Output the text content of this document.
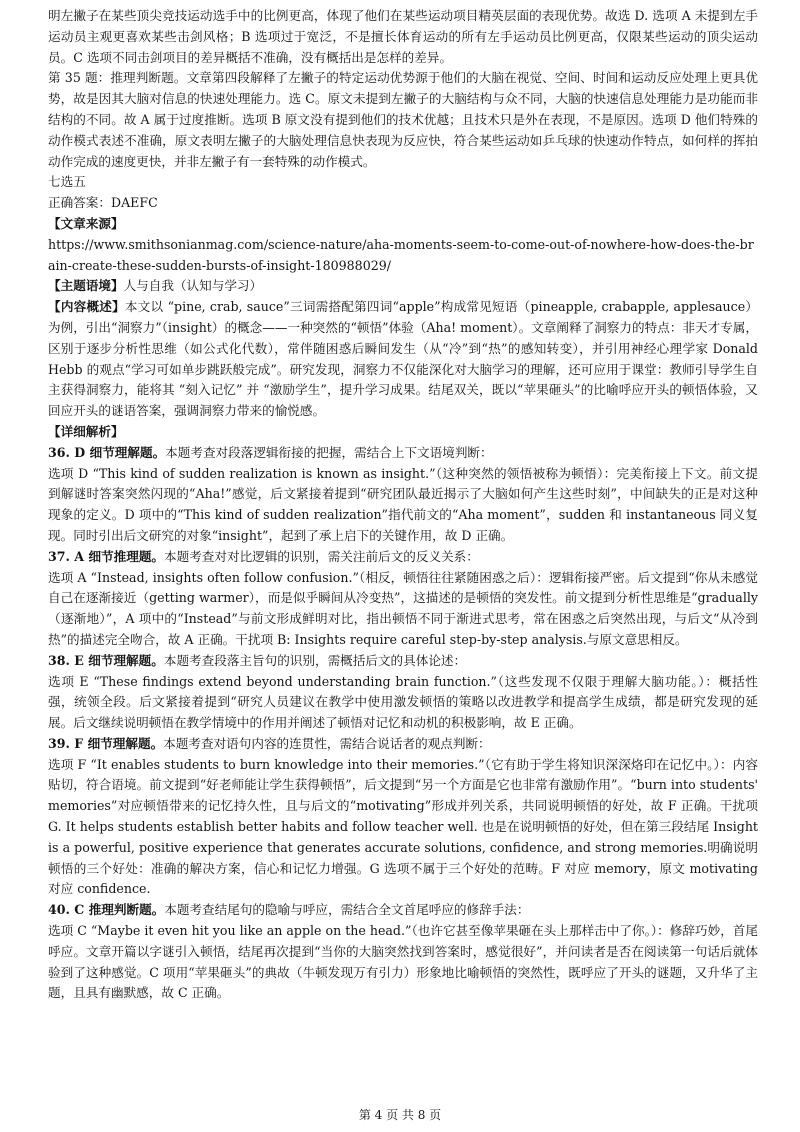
明左撇子在某些顶尖竞技运动选手中的比例更高，体现了他们在某些运动项目精英层面的表现优势。故选 D. 选项 A 未提到左手运动员主观更喜欢某些击剑风格；B 选项过于宽泛，不是擅长体育运动的所有左手运动员比例更高，仅限某些运动的顶尖运动员。C 选项不同击剑项目的差异概括不准确，没有概括出是怎样的差异。

第 35 题：推理判断题。文章第四段解释了左撇子的特定运动优势源于他们的大脑在视觉、空间、时间和运动反应处理上更具优势，故是因其大脑对信息的快速处理能力。选 C。原文未提到左撇子的大脑结构与众不同，大脑的快速信息处理能力是功能而非结构的不同。故 A 属于过度推断。选项 B 原文没有提到他们的技术优越；且技术只是外在表现，不是原因。选项 D 他们特殊的动作模式表述不准确，原文表明左撇子的大脑处理信息快表现为反应快，符合某些运动如乒乓球的快速动作特点，如何样的挥拍动作完成的速度更快，并非左撇子有一套特殊的动作模式。

七选五

正确答案：DAEFC

【文章来源】

https://www.smithsonianmag.com/science-nature/aha-moments-seem-to-come-out-of-nowhere-how-does-the-brain-create-these-sudden-bursts-of-insight-180988029/

【主题语境】人与自我（认知与学习）

【内容概述】本文以 “pine, crab, sauce”三词需搭配第四词“apple”构成常见短语（pineapple, crabapple, applesauce）为例，引出“洞察力”（insight）的概念——一种突然的“顿悟”体验（Aha! moment）。文章阐释了洞察力的特点：非天才专属，区别于逐步分析性思维（如公式化代数），常伴随困惑后瞬间发生（从“冷”到“热”的感知转变），并引用神经心理学家 Donald Hebb 的观点“学习可如单步跳跃般完成”。研究发现，洞察力不仅能深化对大脑学习的理解，还可应用于课堂：教师引导学生自主获得洞察力，能将其 “刻入记忆” 并 “激励学生”，提升学习成果。结尾双关，既以“苹果砸头”的比喻呼应开头的顿悟体验，又回应开头的谜语答案，强调洞察力带来的愉悦感。

【详细解析】

36. D 细节理解题。本题考查对段落逻辑衔接的把握，需结合上下文语境判断：

选项 D “This kind of sudden realization is known as insight.”（这种突然的领悟被称为顿悟）：完美衔接上下文。前文提到解谜时答案突然闪现的“Aha!”感觉，后文紧接着提到“研究团队最近揭示了大脑如何产生这些时刻”，中间缺失的正是对这种现象的定义。D 项中的“This kind of sudden realization”指代前文的“Aha moment”，sudden 和 instantaneous 同义复现。同时引出后文研究的对象“insight”，起到了承上启下的关键作用，故 D 正确。

37. A 细节推理题。本题考查对对比逻辑的识别，需关注前后文的反义关系：

选项 A “Instead, insights often follow confusion.”（相反，顿悟往往紧随困惑之后）：逻辑衔接严密。后文提到“你从未感觉自己在逐渐接近（getting warmer），而是似乎瞬间从冷变热”，这描述的是顿悟的突发性。前文提到分析性思维是“gradually（逐渐地）”，A 项中的“Instead”与前文形成鲜明对比，指出顿悟不同于渐进式思考，常在困惑之后突然出现，与后文“从冷到热”的描述完全吻合，故 A 正确。干扰项 B: Insights require careful step-by-step analysis.与原文意思相反。

38. E 细节理解题。本题考查段落主旨句的识别，需概括后文的具体论述：

选项 E “These findings extend beyond understanding brain function.”（这些发现不仅限于理解大脑功能。）：概括性强，统领全段。后文紧接着提到“研究人员建议在教学中使用激发顿悟的策略以改进教学和提高学生成绩，都是研究发现的延展。后文继续说明顿悟在教学情境中的作用并阐述了顿悟对记忆和动机的积极影响，故 E 正确。

39. F 细节理解题。本题考查对语句内容的连贯性，需结合说话者的观点判断：

选项 F “It enables students to burn knowledge into their memories.”（它有助于学生将知识深深烙印在记忆中。）：内容贴切，符合语境。前文提到“好老师能让学生获得顿悟”，后文提到“另一个方面是它也非常有激励作用”。“burn into students' memories”对应顿悟带来的记忆持久性，且与后文的“motivating”形成并列关系，共同说明顿悟的好处，故 F 正确。干扰项 G. It helps students establish better habits and follow teacher well. 也是在说明顿悟的好处，但在第三段结尾 Insight is a powerful, positive experience that generates accurate solutions, confidence, and strong memories.明确说明顿悟的三个好处：准确的解决方案，信心和记忆力增强。G 选项不属于三个好处的范畴。F 对应 memory，原文 motivating 对应 confidence.

40. C 推理判断题。本题考查结尾句的隐喻与呼应，需结合全文首尾呼应的修辞手法：

选项 C “Maybe it even hit you like an apple on the head.”（也许它甚至像苹果砸在头上那样击中了你。）：修辞巧妙，首尾呼应。文章开篇以字谜引入顿悟，结尾再次提到“当你的大脑突然找到答案时，感觉很好”，并问读者是否在阅读第一句话后就体验到了这种感觉。C 项用“苹果砸头”的典故（牛顿发现万有引力）形象地比喻顿悟的突然性，既呼应了开头的谜题，又升华了主题，且具有幽默感，故 C 正确。

第 4 页 共 8 页
